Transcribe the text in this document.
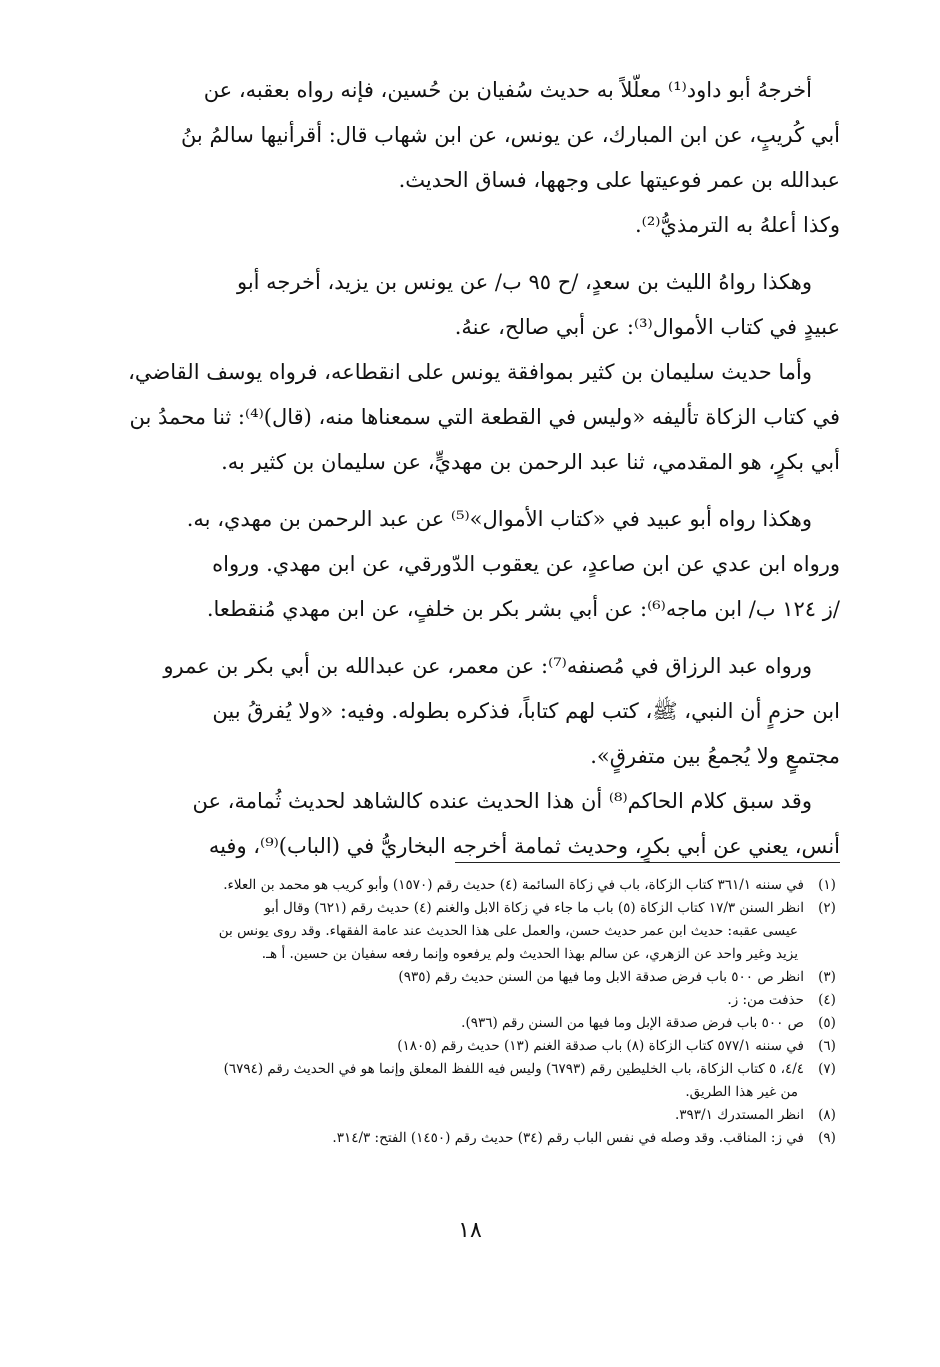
أخرجهُ أبو داود⁽¹⁾ معلّلاً به حديث سُفيان بن حُسين، فإنه رواه بعقبه، عن
أبي كُريبٍ، عن ابن المبارك، عن يونس، عن ابن شهاب قال: أقرأنيها سالمُ بنُ
عبدالله بن عمر فوعيتها على وجهها، فساق الحديث.
وكذا أعلهُ به الترمذيُّ⁽²⁾.
وهكذا رواهُ الليث بن سعدٍ، /ح ٩٥ ب/ عن يونس بن يزيد، أخرجه أبو
عبيدٍ في كتاب الأموال⁽³⁾: عن أبي صالح، عنهُ.
وأما حديث سليمان بن كثير بموافقة يونس على انقطاعه، فرواه يوسف القاضي،
في كتاب الزكاة تأليفه «وليس في القطعة التي سمعناها منه، (قال)⁽⁴⁾: ثنا محمدُ بن
أبي بكرٍ، هو المقدمي، ثنا عبد الرحمن بن مهديٍّ، عن سليمان بن كثير به.
وهكذا رواه أبو عبيد في «كتاب الأموال»⁽⁵⁾ عن عبد الرحمن بن مهدي، به.
ورواه ابن عدي عن ابن صاعدٍ، عن يعقوب الدّورقي، عن ابن مهدي. ورواه
/ز ١٢٤ ب/ ابن ماجه⁽⁶⁾: عن أبي بشر بكر بن خلفٍ، عن ابن مهدي مُنقطعا.
ورواه عبد الرزاق في مُصنفه⁽⁷⁾: عن معمر، عن عبدالله بن أبي بكر بن عمرو
ابن حزمٍ أن النبي، ﷺ، كتب لهم كتاباً، فذكره بطوله. وفيه: «ولا يُفرقُ بين
مجتمعٍ ولا يُجمعُ بين متفرقٍ».
وقد سبق كلام الحاكم⁽⁸⁾ أن هذا الحديث عنده كالشاهد لحديث ثُمامة، عن
أنس، يعني عن أبي بكرٍ، وحديث ثمامة أخرجه البخاريُّ في (الباب)⁽⁹⁾، وفيه
(١)
في سننه ٣٦١/١ كتاب الزكاة، باب في زكاة السائمة (٤) حديث رقم (١٥٧٠) وأبو كريب هو محمد بن العلاء.
(٢)
انظر السنن ١٧/٣ كتاب الزكاة (٥) باب ما جاء في زكاة الابل والغنم (٤) حديث رقم (٦٢١) وقال أبو
عيسى عقبه: حديث ابن عمر حديث حسن، والعمل على هذا الحديث عند عامة الفقهاء. وقد روى يونس بن
يزيد وغير واحد عن الزهري، عن سالم بهذا الحديث ولم يرفعوه وإنما رفعه سفيان بن حسين. أ هـ.
(٣)
انظر ص ٥٠٠ باب فرض صدقة الابل وما فيها من السنن حديث رقم (٩٣٥)
(٤)
حذفت من: ز.
(٥)
ص ٥٠٠ باب فرض صدقة الإبل وما فيها من السنن رقم (٩٣٦).
(٦)
في سننه ٥٧٧/١ كتاب الزكاة (٨) باب صدقة الغنم (١٣) حديث رقم (١٨٠٥)
(٧)
٤/٤، ٥ كتاب الزكاة، باب الخليطين رقم (٦٧٩٣) وليس فيه اللفظ المعلق وإنما هو في الحديث رقم (٦٧٩٤)
من غير هذا الطريق.
(٨)
انظر المستدرك ٣٩٣/١.
(٩)
في ز: المناقب. وقد وصله في نفس الباب رقم (٣٤) حديث رقم (١٤٥٠) الفتح: ٣١٤/٣.
١٨
